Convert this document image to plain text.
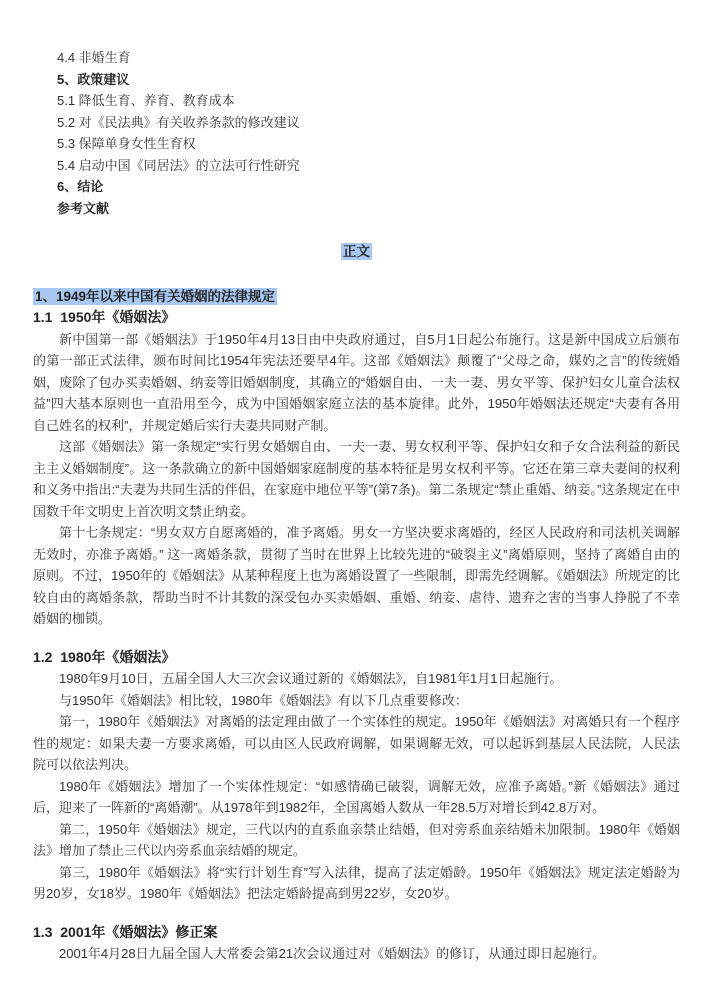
4.4 非婚生育
5、政策建议
5.1 降低生育、养育、教育成本
5.2 对《民法典》有关收养条款的修改建议
5.3 保障单身女性生育权
5.4 启动中国《同居法》的立法可行性研究
6、结论
参考文献
正文
1、1949年以来中国有关婚姻的法律规定
1.1  1950年《婚姻法》

新中国第一部《婚姻法》于1950年4月13日由中央政府通过，自5月1日起公布施行。这是新中国成立后颁布的第一部正式法律，颁布时间比1954年宪法还要早4年。这部《婚姻法》颠覆了“父母之命，媒妁之言”的传统婚姻，废除了包办买卖婚姻、纳妾等旧婚姻制度，其确立的“婚姻自由、一夫一妻、男女平等、保护妇女儿童合法权益”四大基本原则也一直沿用至今，成为中国婚姻家庭立法的基本旋律。此外，1950年婚姻法还规定“夫妻有各用自己姓名的权利”，并规定婚后实行夫妻共同财产制。

这部《婚姻法》第一条规定“实行男女婚姻自由、一夫一妻、男女权利平等、保护妇女和子女合法利益的新民主主义婚姻制度”。这一条款确立的新中国婚姻家庭制度的基本特征是男女权利平等。它还在第三章夫妻间的权利和义务中指出:“夫妻为共同生活的伴侣，在家庭中地位平等”(第7条)。第二条规定“禁止重婚、纳妾。”这条规定在中国数千年文明史上首次明文禁止纳妾。

第十七条规定：“男女双方自愿离婚的，准予离婚。男女一方坚决要求离婚的，经区人民政府和司法机关调解无效时，亦准予离婚。” 这一离婚条款，贯彻了当时在世界上比较先进的“破裂主义”离婚原则，坚持了离婚自由的原则。不过，1950年的《婚姻法》从某种程度上也为离婚设置了一些限制，即需先经调解。《婚姻法》所规定的比较自由的离婚条款，帮助当时不计其数的深受包办买卖婚姻、重婚、纳妾、虐待、遗弃之害的当事人挣脱了不幸婚姻的枷锁。

1.2  1980年《婚姻法》

1980年9月10日，五届全国人大三次会议通过新的《婚姻法》，自1981年1月1日起施行。

与1950年《婚姻法》相比较，1980年《婚姻法》有以下几点重要修改：

第一，1980年《婚姻法》对离婚的法定理由做了一个实体性的规定。1950年《婚姻法》对离婚只有一个程序性的规定：如果夫妻一方要求离婚，可以由区人民政府调解，如果调解无效，可以起诉到基层人民法院，人民法院可以依法判决。

1980年《婚姻法》增加了一个实体性规定：“如感情确已破裂，调解无效，应准予离婚。”新《婚姻法》通过后，迎来了一阵新的“离婚潮”。从1978年到1982年，全国离婚人数从一年28.5万对增长到42.8万对。

第二，1950年《婚姻法》规定，三代以内的直系血亲禁止结婚，但对旁系血亲结婚未加限制。1980年《婚姻法》增加了禁止三代以内旁系血亲结婚的规定。

第三，1980年《婚姻法》将“实行计划生育”写入法律，提高了法定婚龄。1950年《婚姻法》规定法定婚龄为男20岁，女18岁。1980年《婚姻法》把法定婚龄提高到男22岁，女20岁。

1.3  2001年《婚姻法》修正案

2001年4月28日九届全国人大常委会第21次会议通过对《婚姻法》的修订，从通过即日起施行。
